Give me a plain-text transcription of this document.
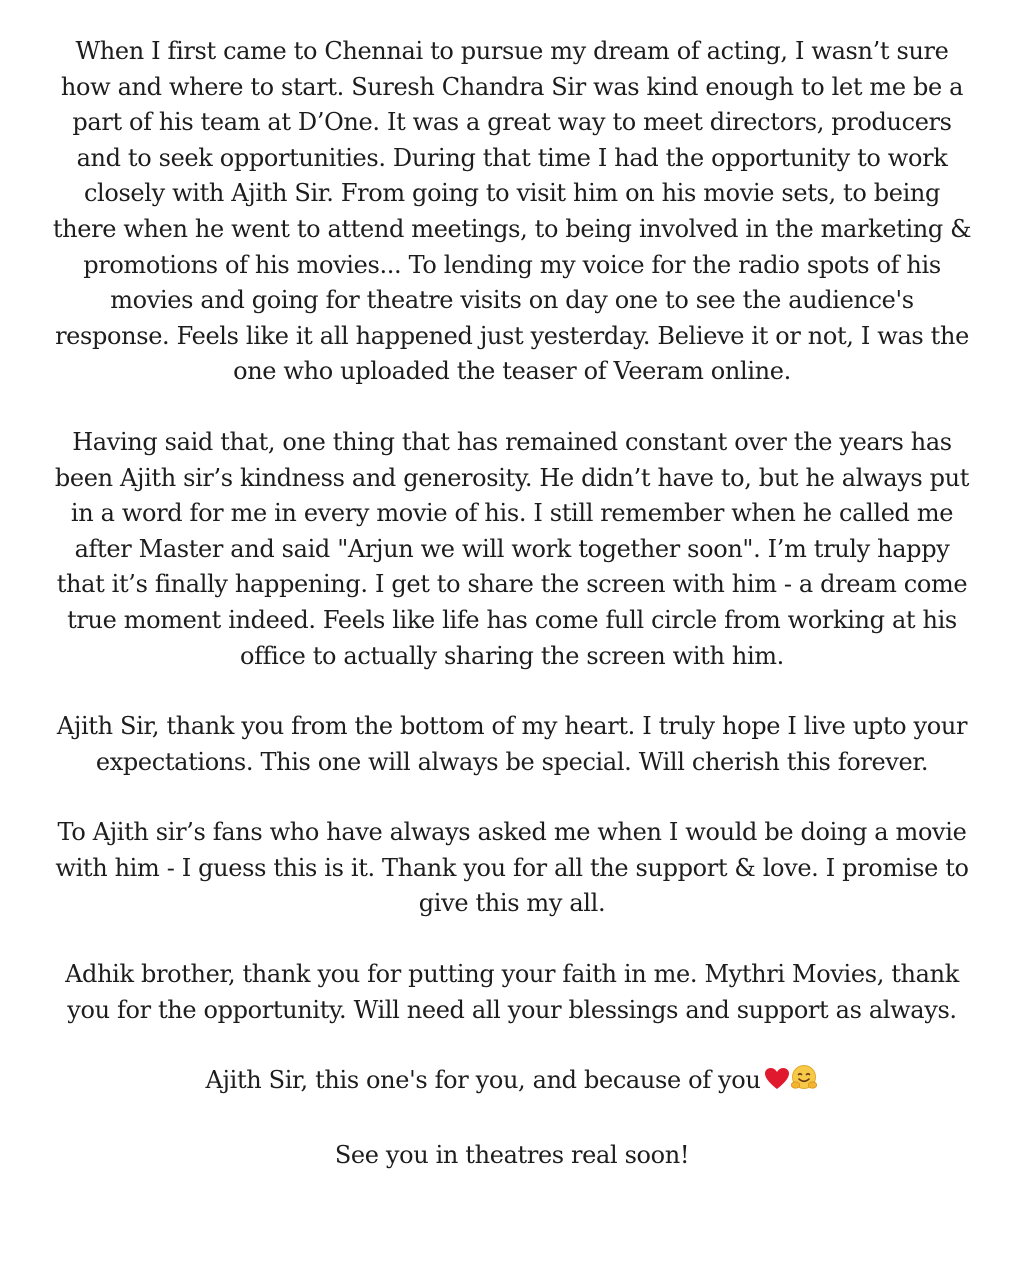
When I first came to Chennai to pursue my dream of acting, I wasn’t sure how and where to start. Suresh Chandra Sir was kind enough to let me be a part of his team at D’One. It was a great way to meet directors, producers and to seek opportunities. During that time I had the opportunity to work closely with Ajith Sir. From going to visit him on his movie sets, to being there when he went to attend meetings, to being involved in the marketing & promotions of his movies... To lending my voice for the radio spots of his movies and going for theatre visits on day one to see the audience's response. Feels like it all happened just yesterday. Believe it or not, I was the one who uploaded the teaser of Veeram online.

Having said that, one thing that has remained constant over the years has been Ajith sir’s kindness and generosity. He didn’t have to, but he always put in a word for me in every movie of his. I still remember when he called me after Master and said "Arjun we will work together soon". I’m truly happy that it’s finally happening. I get to share the screen with him - a dream come true moment indeed. Feels like life has come full circle from working at his office to actually sharing the screen with him.

Ajith Sir, thank you from the bottom of my heart. I truly hope I live upto your expectations. This one will always be special. Will cherish this forever.

To Ajith sir’s fans who have always asked me when I would be doing a movie with him - I guess this is it. Thank you for all the support & love. I promise to give this my all.

Adhik brother, thank you for putting your faith in me. Mythri Movies, thank you for the opportunity. Will need all your blessings and support as always.

Ajith Sir, this one's for you, and because of you

See you in theatres real soon!
